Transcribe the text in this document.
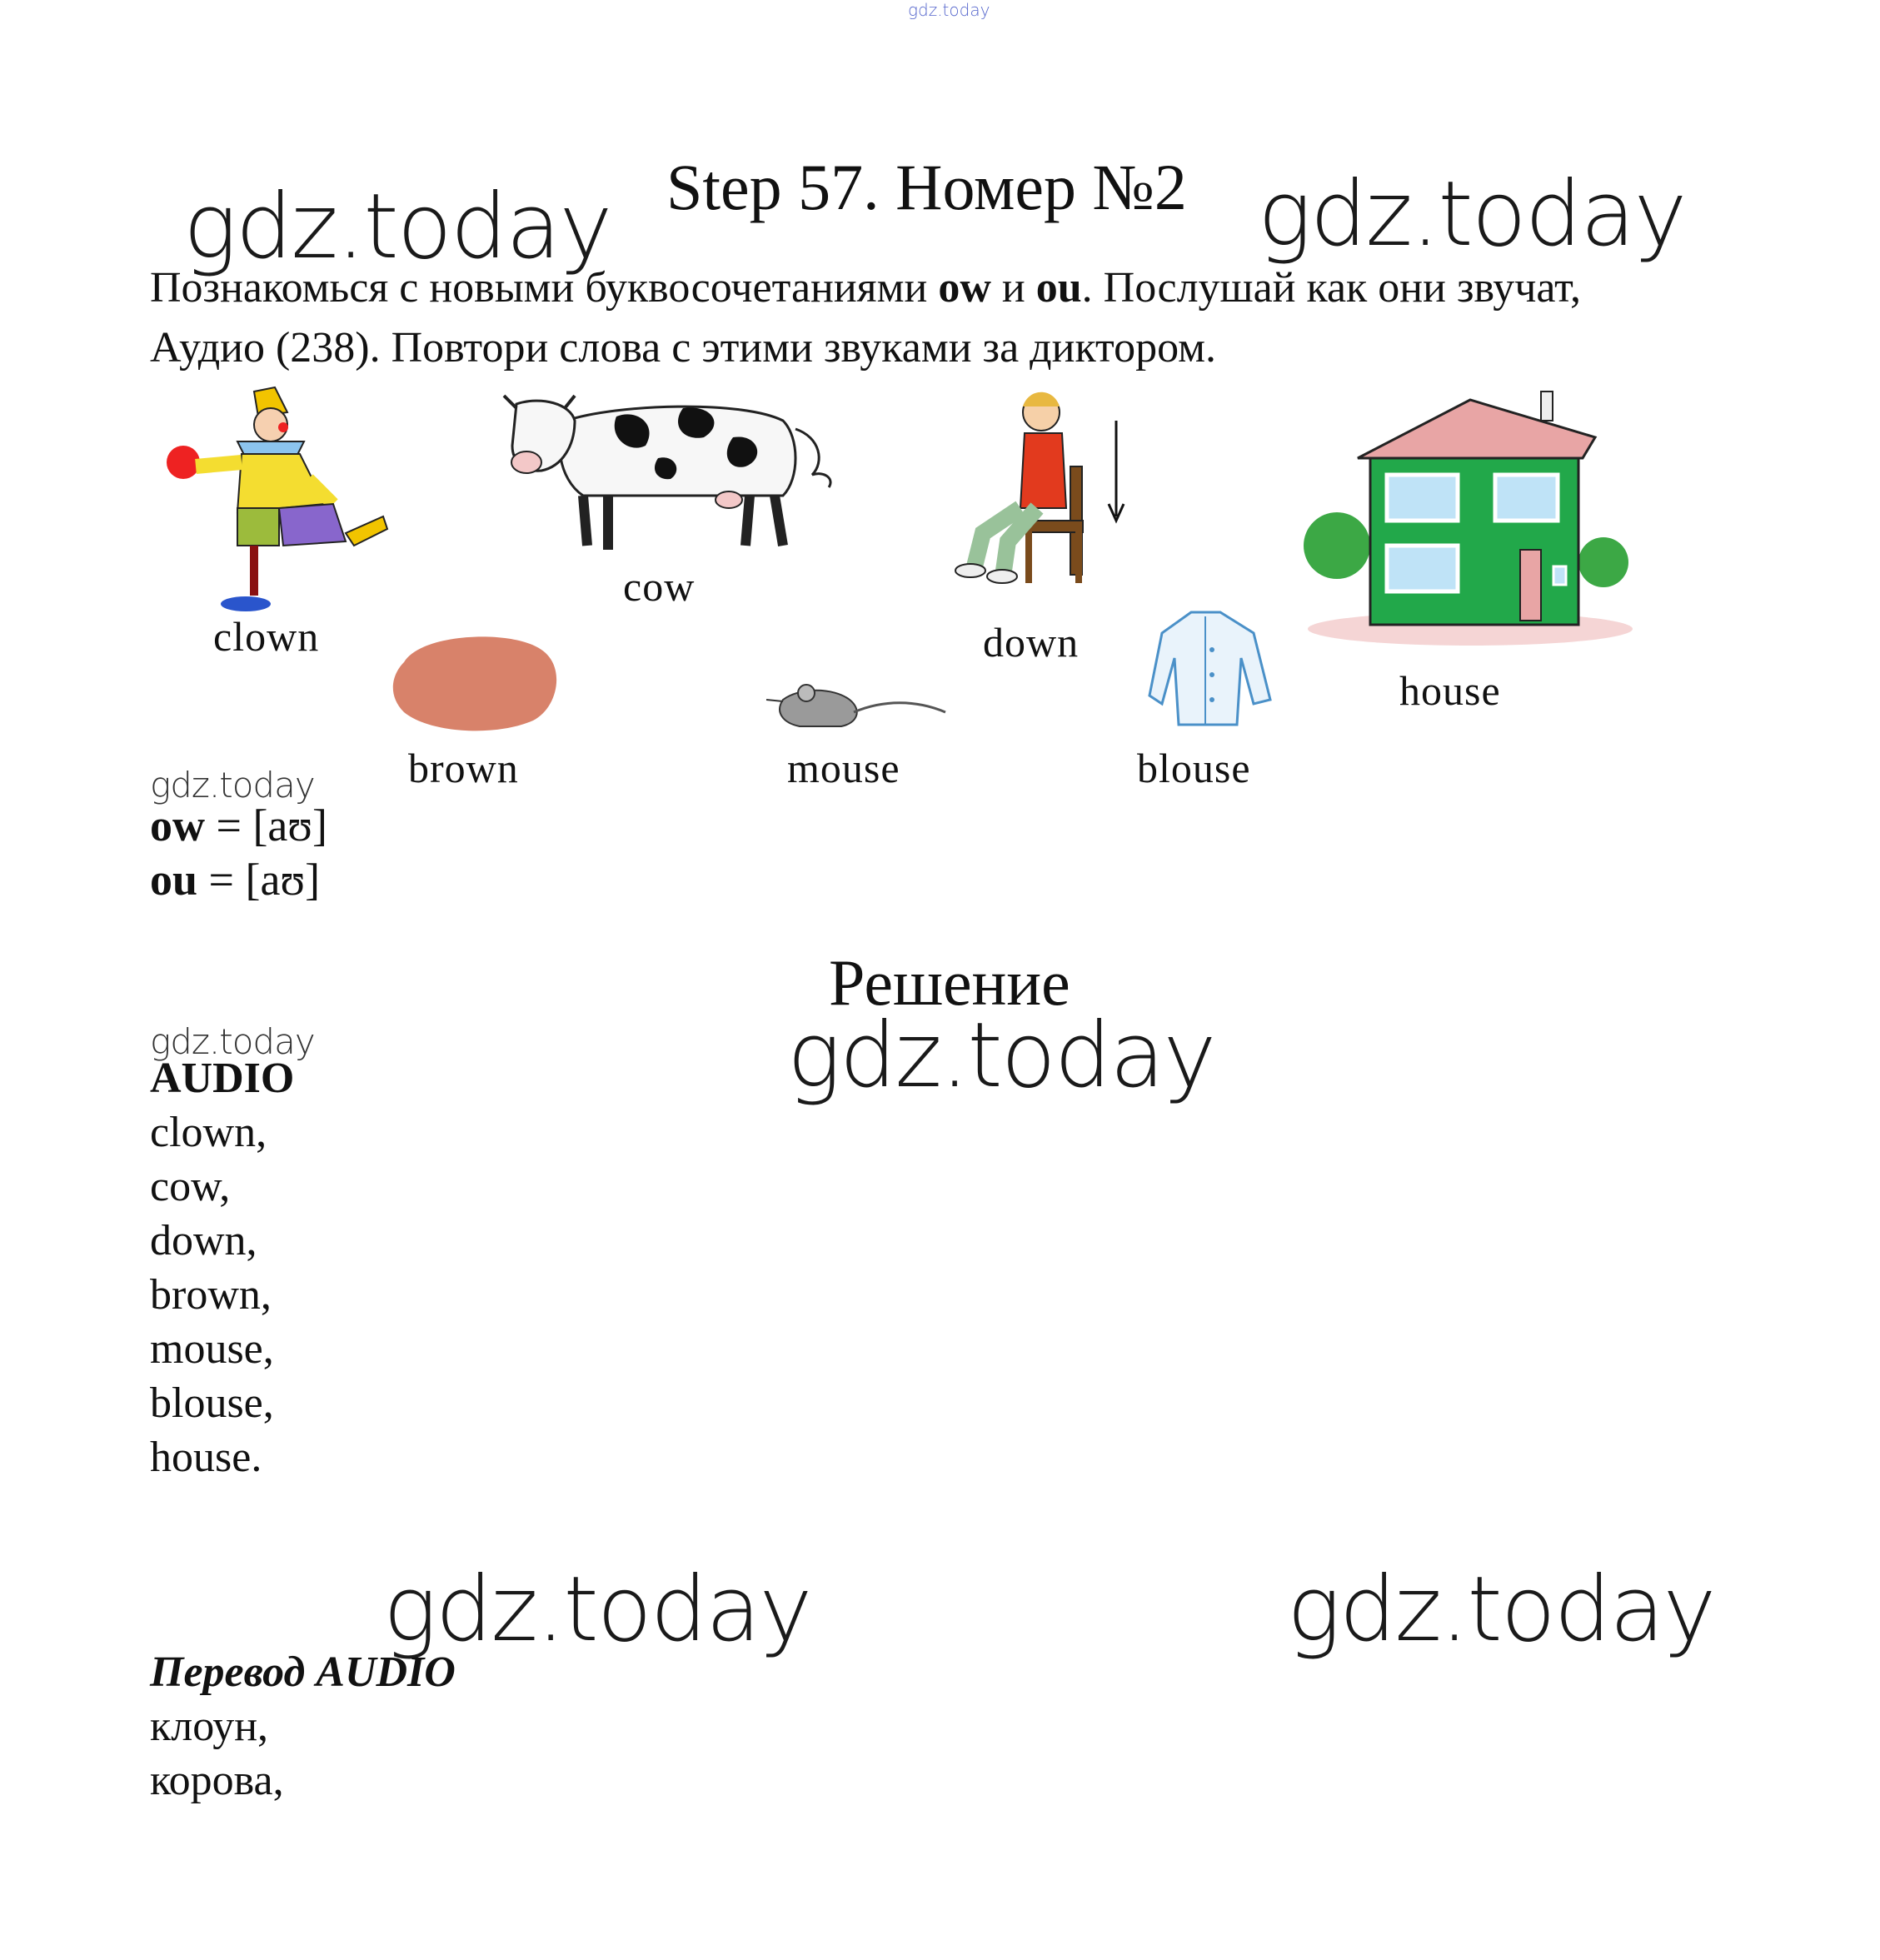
gdz.today
gdz.today Step 57. Номер №2 gdz.today
Познакомься с новыми буквосочетаниями ow и ou. Послушай как они звучат,
Аудио (238). Повтори слова с этими звуками за диктором.
clown
cow
down
house
brown	mouse	blouse
gdz.today
ow = [aʊ]
ou = [aʊ]
Решение
gdz.today
gdz.today
AUDIO
clown,
cow,
down,
brown,
mouse,
blouse,
house.
gdz.today	gdz.today
Перевод AUDIO
клоун,
корова,
